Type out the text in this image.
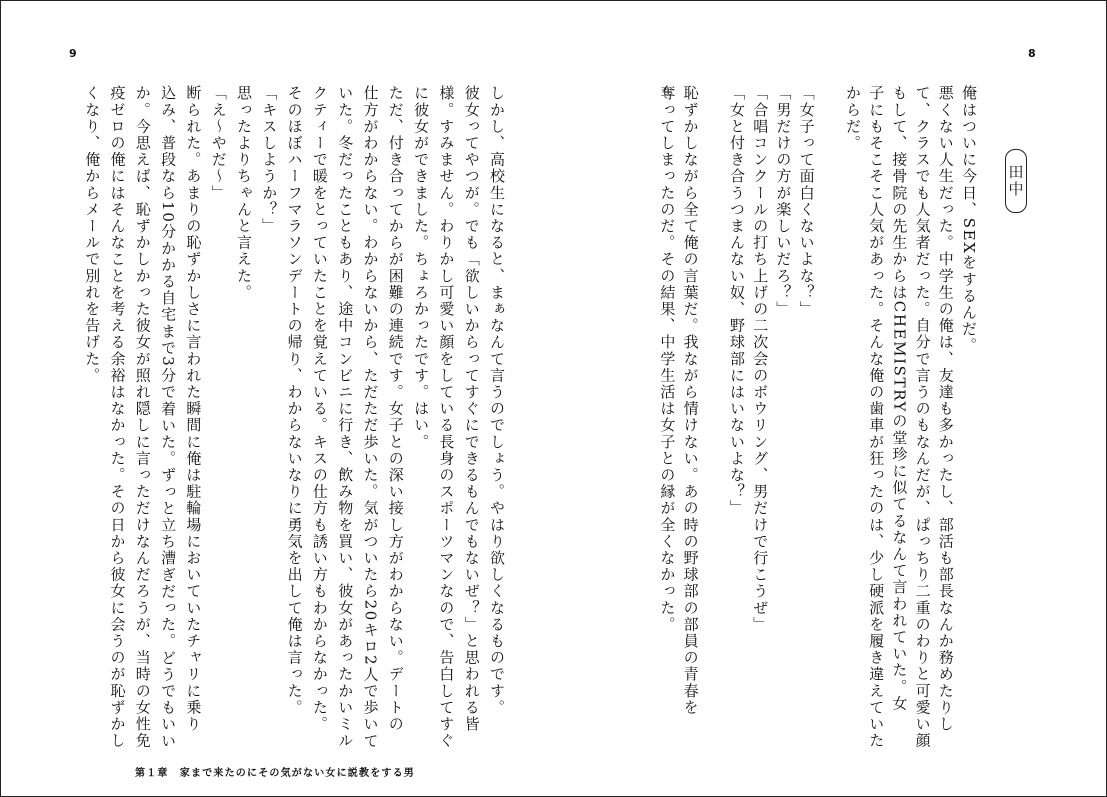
9	8
田
中
俺はついに今日、SEXをするんだ。
悪くない人生だった。中学生の俺は、友達も多かったし、部活も部長なんか務めたりし
て、クラスでも人気者だった。自分で言うのもなんだが、ぱっちり二重のわりと可愛い顔
もして、接骨院の先生からはCHEMISTRYの堂珍に似てるなんて言われていた。女
子にもそこそこ人気があった。そんな俺の歯車が狂ったのは、少し硬派を履き違えていた
からだ。
「女子って面白くないよな？」
「男だけの方が楽しいだろ？」
「合唱コンクールの打ち上げの二次会のボウリング、男だけで行こうぜ」
「女と付き合うつまんない奴、野球部にはいないよな？」
恥ずかしながら全て俺の言葉だ。我ながら情けない。あの時の野球部の部員の青春を
奪ってしまったのだ。その結果、中学生活は女子との縁が全くなかった。
しかし、高校生になると、まぁなんて言うのでしょう。やはり欲しくなるものです。
彼女ってやつが。でも「欲しいからってすぐにできるもんでもないぜ？」と思われる皆
様。すみません。わりかし可愛い顔をしている長身のスポーツマンなので、告白してすぐ
に彼女ができました。ちょろかったです。はい。
ただ、付き合ってからが困難の連続です。女子との深い接し方がわからない。デートの
仕方がわからない。わからないから、ただただ歩いた。気がついたら20キロ2人で歩いて
いた。冬だったこともあり、途中コンビニに行き、飲み物を買い、彼女があったかいミル
クティーで暖をとっていたことを覚えている。キスの仕方も誘い方もわからなかった。
そのほぼハーフマラソンデートの帰り、わからないなりに勇気を出して俺は言った。
「キスしようか？」
思ったよりちゃんと言えた。
「え〜やだ〜」
断られた。あまりの恥ずかしさに言われた瞬間に俺は駐輪場においていたチャリに乗り
込み、普段なら10分かかる自宅まで3分で着いた。ずっと立ち漕ぎだった。どうでもいい
か。今思えば、恥ずかしかった彼女が照れ隠しに言っただけなんだろうが、当時の女性免
疫ゼロの俺にはそんなことを考える余裕はなかった。その日から彼女に会うのが恥ずかし
くなり、俺からメールで別れを告げた。
第１章　家まで来たのにその気がない女に説教をする男
